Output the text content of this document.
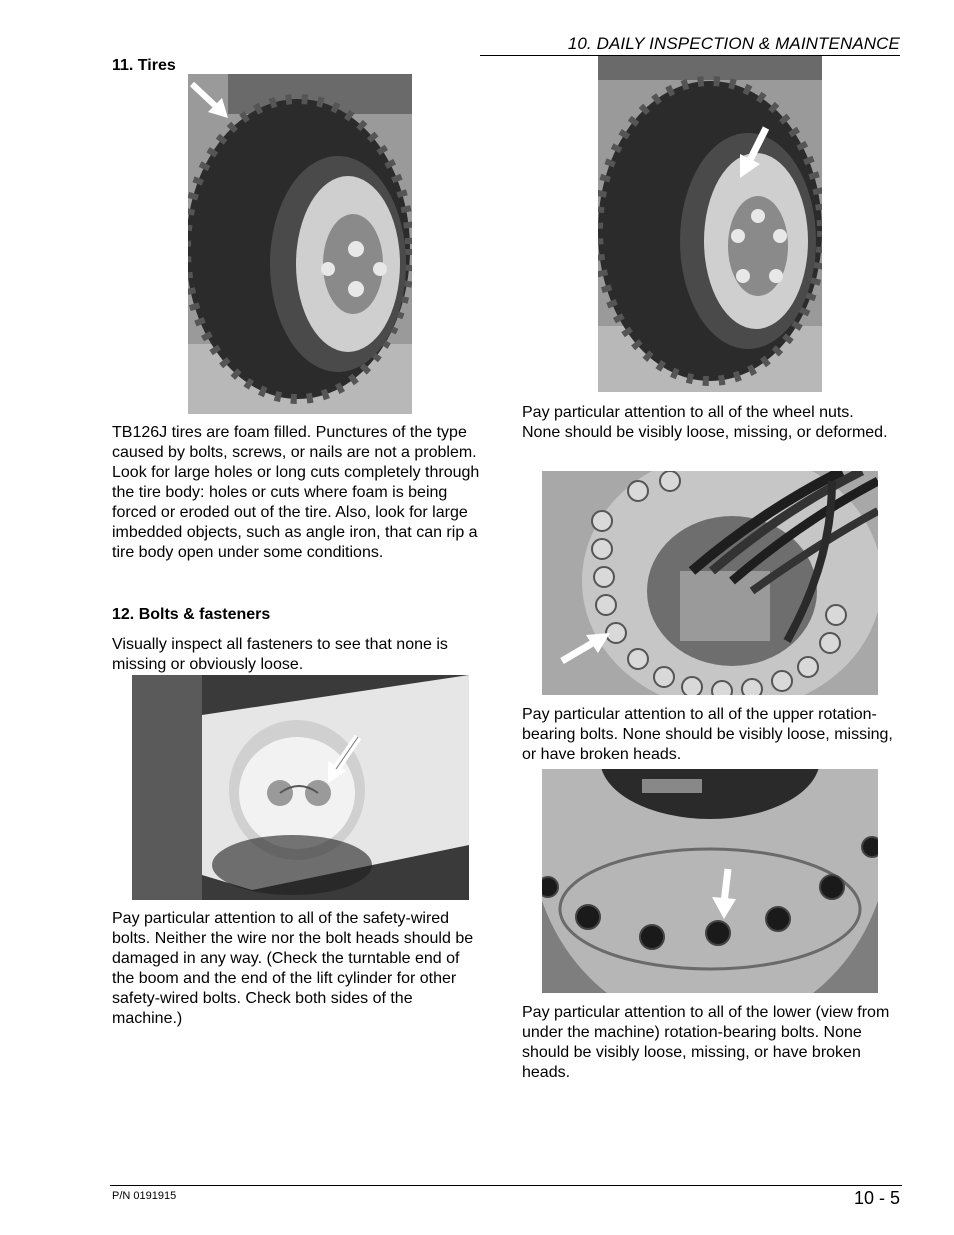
10. DAILY INSPECTION & MAINTENANCE
11. Tires
TB126J tires are foam filled. Punctures of the type caused by bolts, screws, or nails are not a problem. Look for large holes or long cuts completely through the tire body: holes or cuts where foam is being forced or eroded out of the tire. Also, look for large imbedded objects, such as angle iron, that can rip a tire body open under some conditions.
12. Bolts & fasteners
Visually inspect all fasteners to see that none is missing or obviously loose.
Pay particular attention to all of the safety-wired bolts. Neither the wire nor the bolt heads should be damaged in any way. (Check the turntable end of the boom and the end of the lift cylinder for other safety-wired bolts. Check both sides of the machine.)
Pay particular attention to all of the wheel nuts. None should be visibly loose, missing, or deformed.
Pay particular attention to all of the upper rotation-bearing bolts. None should be visibly loose, missing, or have broken heads.
Pay particular attention to all of the lower (view from under the machine) rotation-bearing bolts. None should be visibly loose, missing, or have broken heads.
P/N 0191915	10 - 5
